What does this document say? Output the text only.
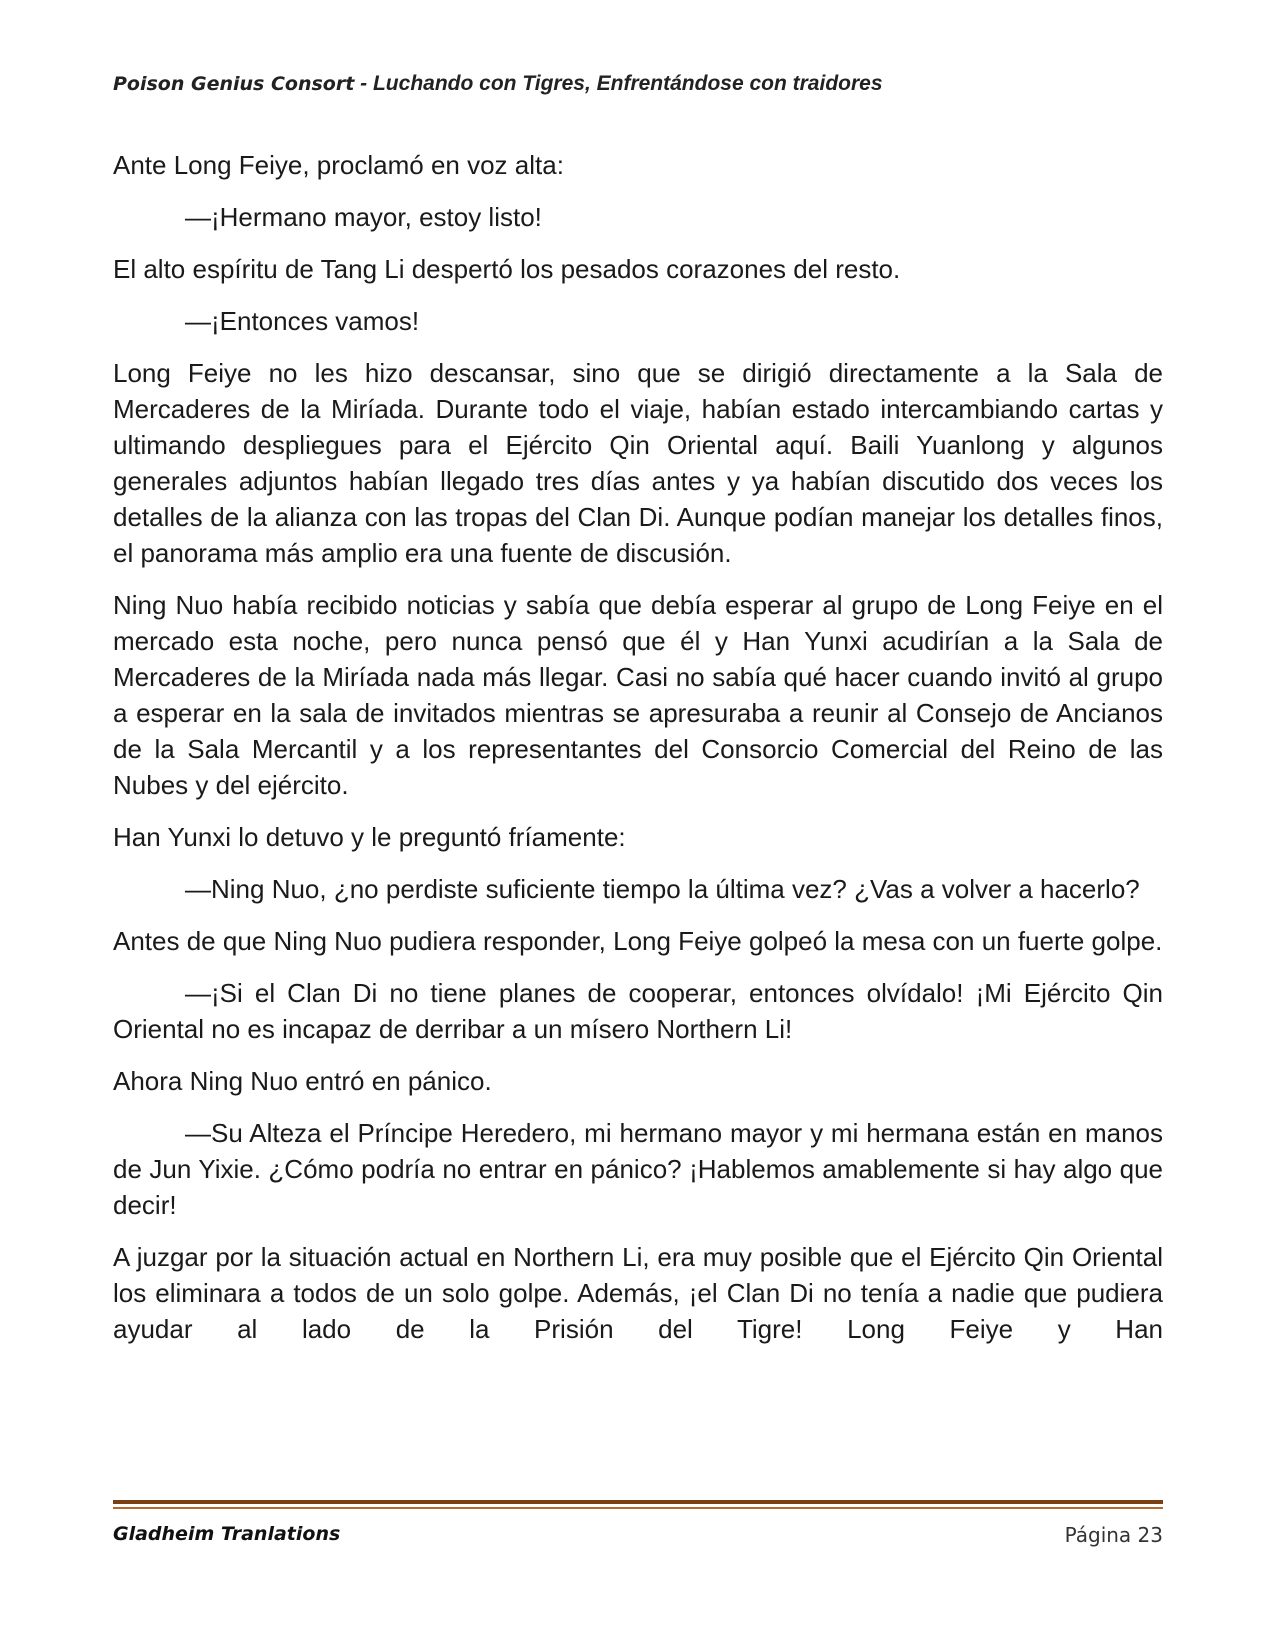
Poison Genius Consort - Luchando con Tigres, Enfrentándose con traidores

Ante Long Feiye, proclamó en voz alta:

—¡Hermano mayor, estoy listo!

El alto espíritu de Tang Li despertó los pesados corazones del resto.

—¡Entonces vamos!

Long Feiye no les hizo descansar, sino que se dirigió directamente a la Sala de Mercaderes de la Miríada. Durante todo el viaje, habían estado intercambiando cartas y ultimando despliegues para el Ejército Qin Oriental aquí. Baili Yuanlong y algunos generales adjuntos habían llegado tres días antes y ya habían discutido dos veces los detalles de la alianza con las tropas del Clan Di. Aunque podían manejar los detalles finos, el panorama más amplio era una fuente de discusión.

Ning Nuo había recibido noticias y sabía que debía esperar al grupo de Long Feiye en el mercado esta noche, pero nunca pensó que él y Han Yunxi acudirían a la Sala de Mercaderes de la Miríada nada más llegar. Casi no sabía qué hacer cuando invitó al grupo a esperar en la sala de invitados mientras se apresuraba a reunir al Consejo de Ancianos de la Sala Mercantil y a los representantes del Consorcio Comercial del Reino de las Nubes y del ejército.

Han Yunxi lo detuvo y le preguntó fríamente:

—Ning Nuo, ¿no perdiste suficiente tiempo la última vez? ¿Vas a volver a hacerlo?

Antes de que Ning Nuo pudiera responder, Long Feiye golpeó la mesa con un fuerte golpe.

—¡Si el Clan Di no tiene planes de cooperar, entonces olvídalo! ¡Mi Ejército Qin Oriental no es incapaz de derribar a un mísero Northern Li!

Ahora Ning Nuo entró en pánico.

—Su Alteza el Príncipe Heredero, mi hermano mayor y mi hermana están en manos de Jun Yixie. ¿Cómo podría no entrar en pánico? ¡Hablemos amablemente si hay algo que decir!

A juzgar por la situación actual en Northern Li, era muy posible que el Ejército Qin Oriental los eliminara a todos de un solo golpe. Además, ¡el Clan Di no tenía a nadie que pudiera ayudar al lado de la Prisión del Tigre! Long Feiye y Han

Gladheim Tranlations	Página 23
